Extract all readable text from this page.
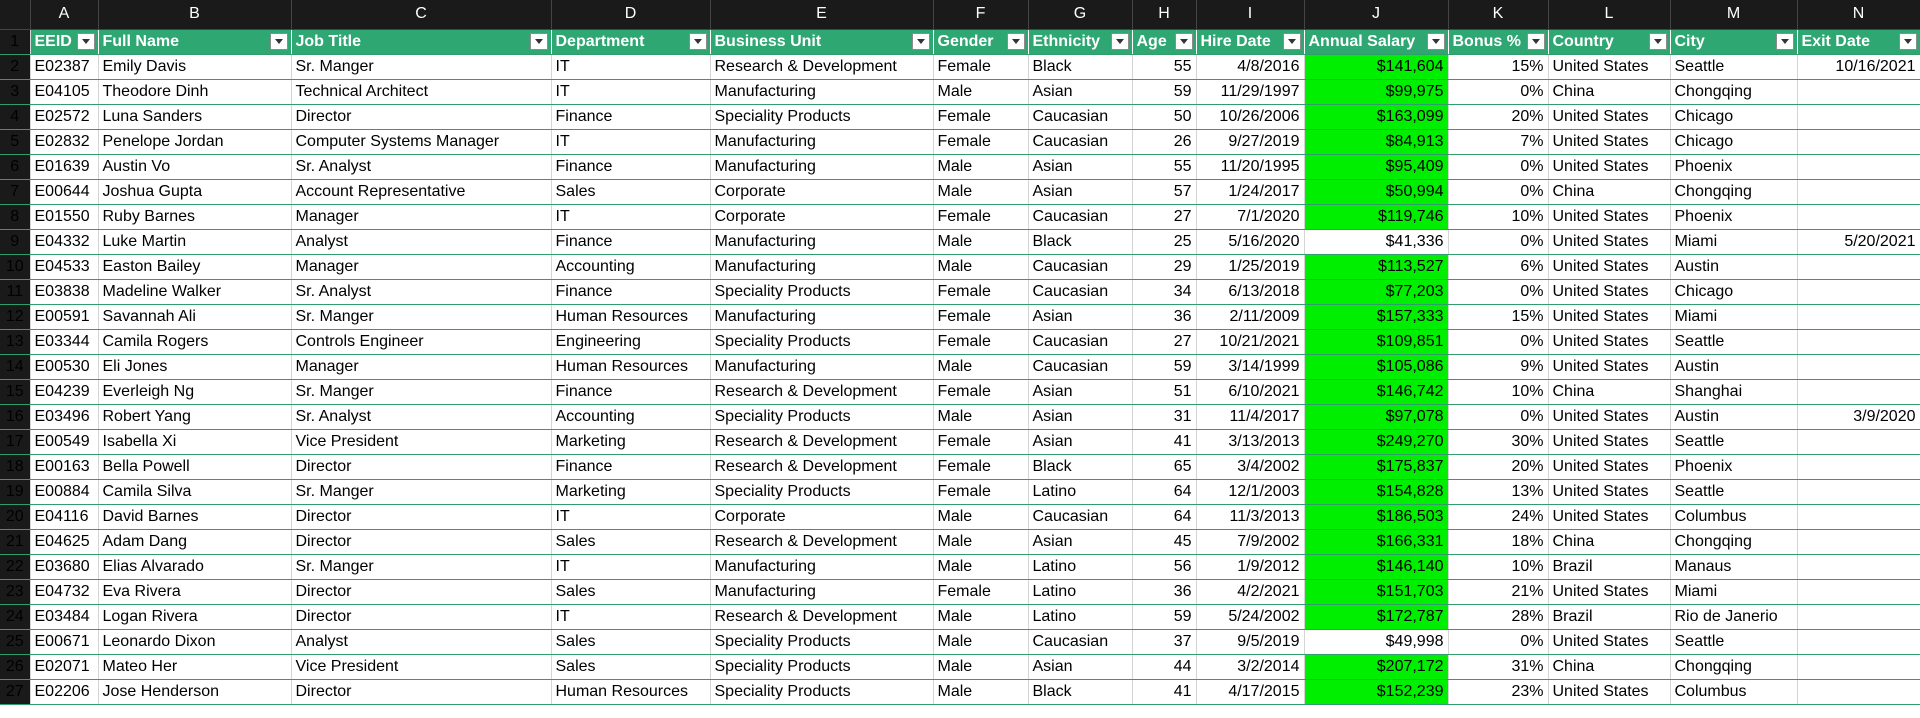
	A	B	C	D	E	F	G	H	I	J	K	L	M	N
1	EEID	Full Name	Job Title	Department	Business Unit	Gender	Ethnicity	Age	Hire Date	Annual Salary	Bonus %	Country	City	Exit Date

2	E02387	Emily Davis	Sr. Manger	IT	Research & Development	Female	Black	55	4/8/2016	$141,604	15%	United States	Seattle	10/16/2021
3	E04105	Theodore Dinh	Technical Architect	IT	Manufacturing	Male	Asian	59	11/29/1997	$99,975	0%	China	Chongqing	
4	E02572	Luna Sanders	Director	Finance	Speciality Products	Female	Caucasian	50	10/26/2006	$163,099	20%	United States	Chicago	
5	E02832	Penelope Jordan	Computer Systems Manager	IT	Manufacturing	Female	Caucasian	26	9/27/2019	$84,913	7%	United States	Chicago	
6	E01639	Austin Vo	Sr. Analyst	Finance	Manufacturing	Male	Asian	55	11/20/1995	$95,409	0%	United States	Phoenix	
7	E00644	Joshua Gupta	Account Representative	Sales	Corporate	Male	Asian	57	1/24/2017	$50,994	0%	China	Chongqing	
8	E01550	Ruby Barnes	Manager	IT	Corporate	Female	Caucasian	27	7/1/2020	$119,746	10%	United States	Phoenix	
9	E04332	Luke Martin	Analyst	Finance	Manufacturing	Male	Black	25	5/16/2020	$41,336	0%	United States	Miami	5/20/2021
10	E04533	Easton Bailey	Manager	Accounting	Manufacturing	Male	Caucasian	29	1/25/2019	$113,527	6%	United States	Austin	
11	E03838	Madeline Walker	Sr. Analyst	Finance	Speciality Products	Female	Caucasian	34	6/13/2018	$77,203	0%	United States	Chicago	
12	E00591	Savannah Ali	Sr. Manger	Human Resources	Manufacturing	Female	Asian	36	2/11/2009	$157,333	15%	United States	Miami	
13	E03344	Camila Rogers	Controls Engineer	Engineering	Speciality Products	Female	Caucasian	27	10/21/2021	$109,851	0%	United States	Seattle	
14	E00530	Eli Jones	Manager	Human Resources	Manufacturing	Male	Caucasian	59	3/14/1999	$105,086	9%	United States	Austin	
15	E04239	Everleigh Ng	Sr. Manger	Finance	Research & Development	Female	Asian	51	6/10/2021	$146,742	10%	China	Shanghai	
16	E03496	Robert Yang	Sr. Analyst	Accounting	Speciality Products	Male	Asian	31	11/4/2017	$97,078	0%	United States	Austin	3/9/2020
17	E00549	Isabella Xi	Vice President	Marketing	Research & Development	Female	Asian	41	3/13/2013	$249,270	30%	United States	Seattle	
18	E00163	Bella Powell	Director	Finance	Research & Development	Female	Black	65	3/4/2002	$175,837	20%	United States	Phoenix	
19	E00884	Camila Silva	Sr. Manger	Marketing	Speciality Products	Female	Latino	64	12/1/2003	$154,828	13%	United States	Seattle	
20	E04116	David Barnes	Director	IT	Corporate	Male	Caucasian	64	11/3/2013	$186,503	24%	United States	Columbus	
21	E04625	Adam Dang	Director	Sales	Research & Development	Male	Asian	45	7/9/2002	$166,331	18%	China	Chongqing	
22	E03680	Elias Alvarado	Sr. Manger	IT	Manufacturing	Male	Latino	56	1/9/2012	$146,140	10%	Brazil	Manaus	
23	E04732	Eva Rivera	Director	Sales	Manufacturing	Female	Latino	36	4/2/2021	$151,703	21%	United States	Miami	
24	E03484	Logan Rivera	Director	IT	Research & Development	Male	Latino	59	5/24/2002	$172,787	28%	Brazil	Rio de Janerio	
25	E00671	Leonardo Dixon	Analyst	Sales	Speciality Products	Male	Caucasian	37	9/5/2019	$49,998	0%	United States	Seattle	
26	E02071	Mateo Her	Vice President	Sales	Speciality Products	Male	Asian	44	3/2/2014	$207,172	31%	China	Chongqing	
27	E02206	Jose Henderson	Director	Human Resources	Speciality Products	Male	Black	41	4/17/2015	$152,239	23%	United States	Columbus	
